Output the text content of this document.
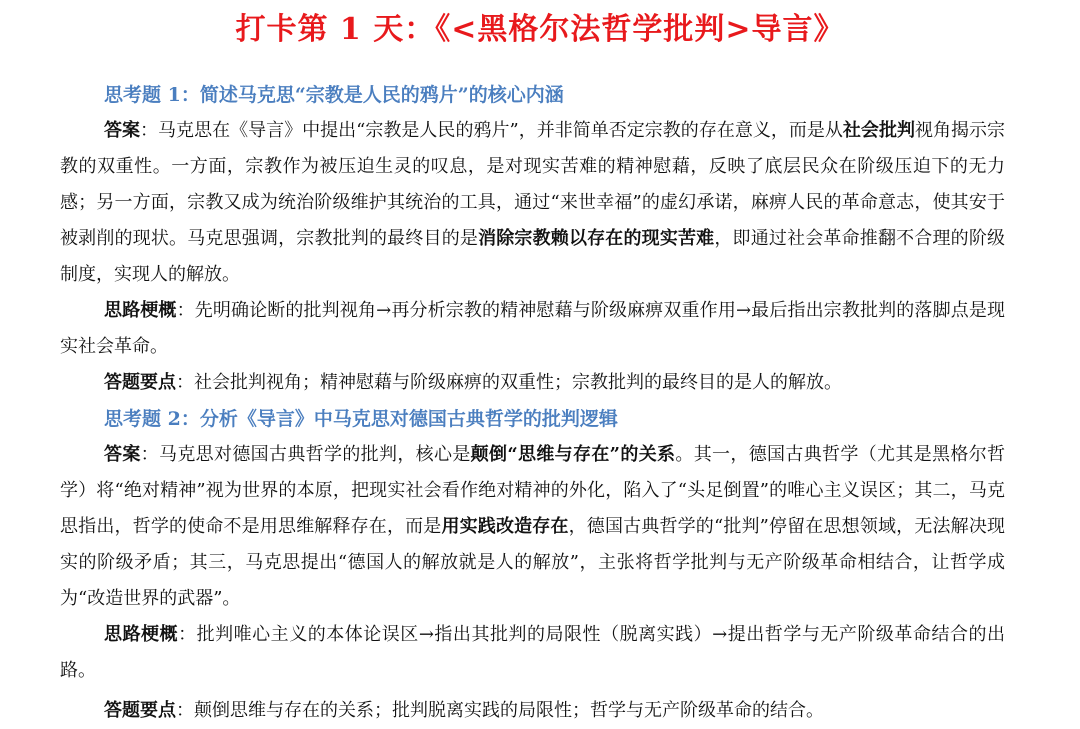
打卡第 1 天：《<黑格尔法哲学批判>导言》
思考题 1：简述马克思“宗教是人民的鸦片”的核心内涵

答案：马克思在《导言》中提出“宗教是人民的鸦片”，并非简单否定宗教的存在意义，而是从社会批判视角揭示宗教的双重性。一方面，宗教作为被压迫生灵的叹息，是对现实苦难的精神慰藉，反映了底层民众在阶级压迫下的无力感；另一方面，宗教又成为统治阶级维护其统治的工具，通过“来世幸福”的虚幻承诺，麻痹人民的革命意志，使其安于被剥削的现状。马克思强调，宗教批判的最终目的是消除宗教赖以存在的现实苦难，即通过社会革命推翻不合理的阶级制度，实现人的解放。

思路梗概：先明确论断的批判视角→再分析宗教的精神慰藉与阶级麻痹双重作用→最后指出宗教批判的落脚点是现实社会革命。

答题要点：社会批判视角；精神慰藉与阶级麻痹的双重性；宗教批判的最终目的是人的解放。

思考题 2：分析《导言》中马克思对德国古典哲学的批判逻辑

答案：马克思对德国古典哲学的批判，核心是颠倒“思维与存在”的关系。其一，德国古典哲学（尤其是黑格尔哲学）将“绝对精神”视为世界的本原，把现实社会看作绝对精神的外化，陷入了“头足倒置”的唯心主义误区；其二，马克思指出，哲学的使命不是用思维解释存在，而是用实践改造存在，德国古典哲学的“批判”停留在思想领域，无法解决现实的阶级矛盾；其三，马克思提出“德国人的解放就是人的解放”，主张将哲学批判与无产阶级革命相结合，让哲学成为“改造世界的武器”。

思路梗概：批判唯心主义的本体论误区→指出其批判的局限性（脱离实践）→提出哲学与无产阶级革命结合的出路。

答题要点：颠倒思维与存在的关系；批判脱离实践的局限性；哲学与无产阶级革命的结合。
